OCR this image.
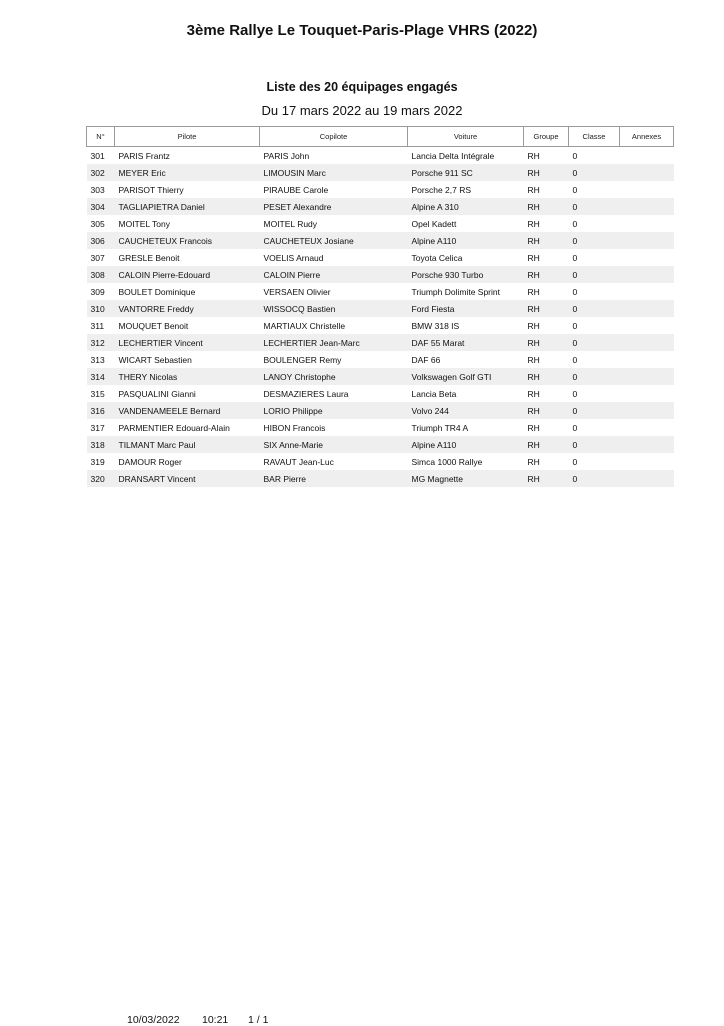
3ème Rallye Le Touquet-Paris-Plage VHRS (2022)
Liste des 20 équipages engagés
Du 17 mars 2022 au 19 mars 2022
N°	Pilote	Copilote	Voiture	Groupe	Classe	Annexes
301	PARIS Frantz	PARIS John	Lancia Delta Intégrale	RH	0	
302	MEYER Eric	LIMOUSIN Marc	Porsche 911 SC	RH	0	
303	PARISOT Thierry	PIRAUBE Carole	Porsche 2,7 RS	RH	0	
304	TAGLIAPIETRA Daniel	PESET Alexandre	Alpine A 310	RH	0	
305	MOITEL Tony	MOITEL Rudy	Opel Kadett	RH	0	
306	CAUCHETEUX Francois	CAUCHETEUX Josiane	Alpine A110	RH	0	
307	GRESLE Benoit	VOELIS Arnaud	Toyota Celica	RH	0	
308	CALOIN Pierre-Edouard	CALOIN Pierre	Porsche 930 Turbo	RH	0	
309	BOULET Dominique	VERSAEN Olivier	Triumph Dolimite Sprint	RH	0	
310	VANTORRE Freddy	WISSOCQ Bastien	Ford Fiesta	RH	0	
311	MOUQUET Benoit	MARTIAUX Christelle	BMW 318 IS	RH	0	
312	LECHERTIER Vincent	LECHERTIER Jean-Marc	DAF 55 Marat	RH	0	
313	WICART Sebastien	BOULENGER Remy	DAF 66	RH	0	
314	THERY Nicolas	LANOY Christophe	Volkswagen Golf GTI	RH	0	
315	PASQUALINI Gianni	DESMAZIERES Laura	Lancia Beta	RH	0	
316	VANDENAMEELE Bernard	LORIO Philippe	Volvo 244	RH	0	
317	PARMENTIER Edouard-Alain	HIBON Francois	Triumph TR4 A	RH	0	
318	TILMANT Marc Paul	SIX Anne-Marie	Alpine A110	RH	0	
319	DAMOUR Roger	RAVAUT Jean-Luc	Simca 1000 Rallye	RH	0	
320	DRANSART Vincent	BAR Pierre	MG Magnette	RH	0	
10/03/2022 10:21 1 / 1
